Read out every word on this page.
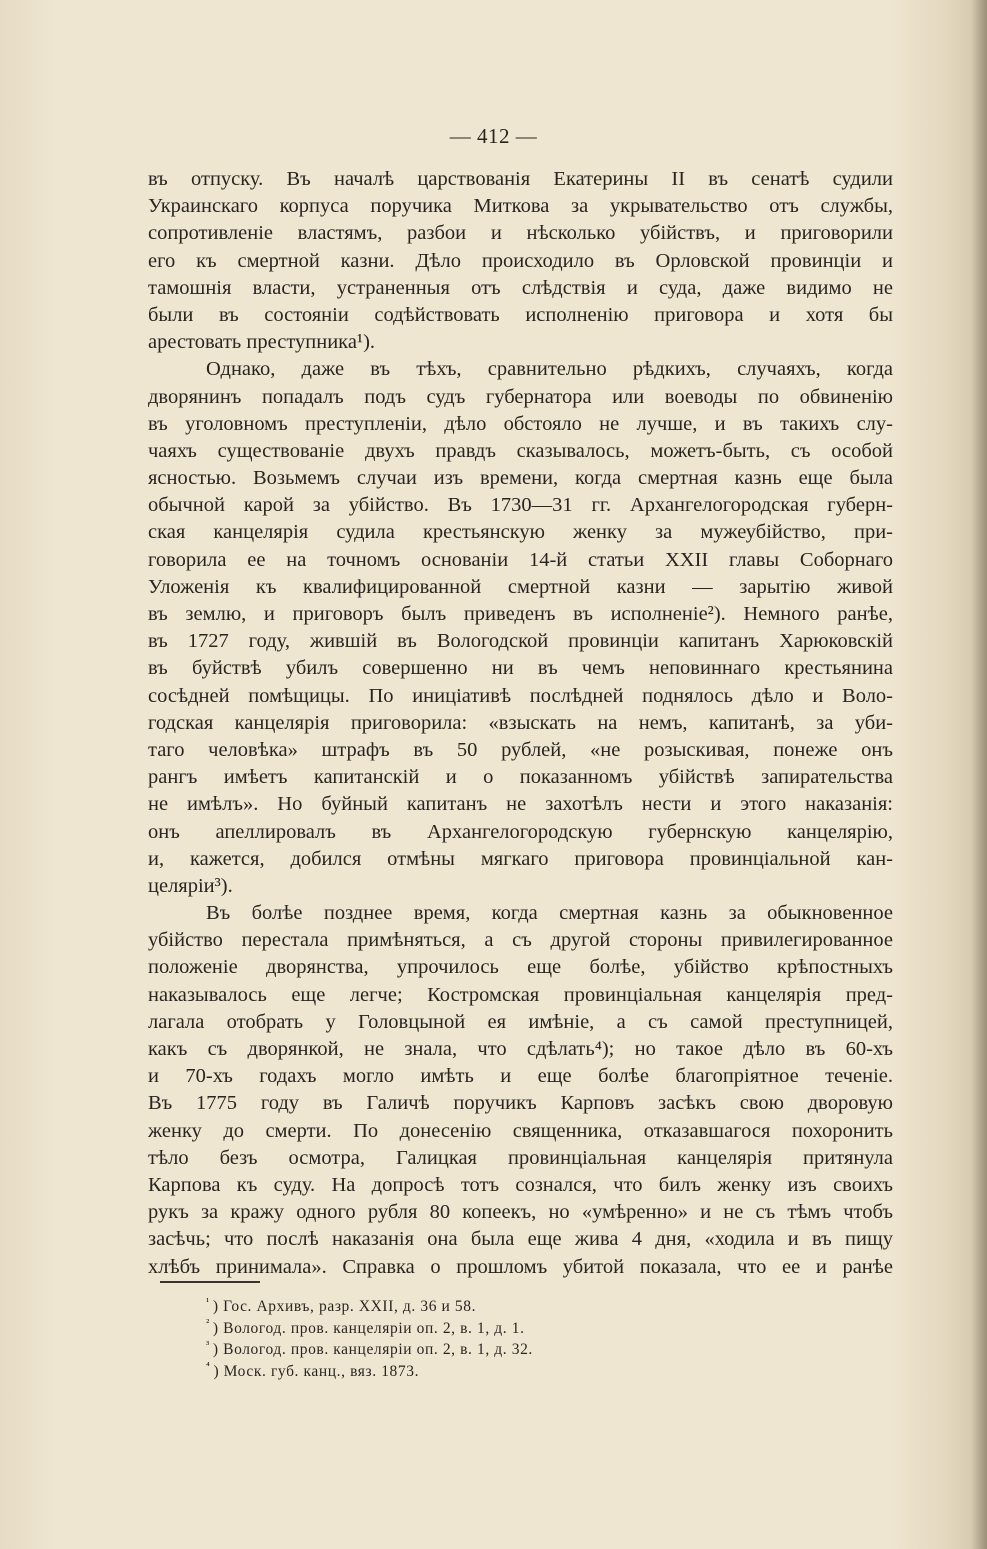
— 412 —
въ отпуску. Въ началѣ царствованія Екатерины II въ сенатѣ судили
Украинскаго корпуса поручика Миткова за укрывательство отъ службы,
сопротивленіе властямъ, разбои и нѣсколько убійствъ, и приговорили
его къ смертной казни. Дѣло происходило въ Орловской провинціи и
тамошнія власти, устраненныя отъ слѣдствія и суда, даже видимо не
были въ состояніи содѣйствовать исполненію приговора и хотя бы
арестовать преступника¹).
Однако, даже въ тѣхъ, сравнительно рѣдкихъ, случаяхъ, когда
дворянинъ попадалъ подъ судъ губернатора или воеводы по обвиненію
въ уголовномъ преступленіи, дѣло обстояло не лучше, и въ такихъ слу-
чаяхъ существованіе двухъ правдъ сказывалось, можетъ-быть, съ особой
ясностью. Возьмемъ случаи изъ времени, когда смертная казнь еще была
обычной карой за убійство. Въ 1730—31 гг. Архангелогородская губерн-
ская канцелярія судила крестьянскую женку за мужеубійство, при-
говорила ее на точномъ основаніи 14-й статьи XXII главы Соборнаго
Уложенія къ квалифицированной смертной казни — зарытію живой
въ землю, и приговоръ былъ приведенъ въ исполненіе²). Немного ранѣе,
въ 1727 году, жившій въ Вологодской провинціи капитанъ Харюковскій
въ буйствѣ убилъ совершенно ни въ чемъ неповиннаго крестьянина
сосѣдней помѣщицы. По иниціативѣ послѣдней поднялось дѣло и Воло-
годская канцелярія приговорила: «взыскать на немъ, капитанѣ, за уби-
таго человѣка» штрафъ въ 50 рублей, «не розыскивая, понеже онъ
рангъ имѣетъ капитанскій и о показанномъ убійствѣ запирательства
не имѣлъ». Но буйный капитанъ не захотѣлъ нести и этого наказанія:
онъ апеллировалъ въ Архангелогородскую губернскую канцелярію,
и, кажется, добился отмѣны мягкаго приговора провинціальной кан-
целяріи³).
Въ болѣе позднее время, когда смертная казнь за обыкновенное
убійство перестала примѣняться, а съ другой стороны привилегированное
положеніе дворянства, упрочилось еще болѣе, убійство крѣпостныхъ
наказывалось еще легче; Костромская провинціальная канцелярія пред-
лагала отобрать у Головцыной ея имѣніе, а съ самой преступницей,
какъ съ дворянкой, не знала, что сдѣлать⁴); но такое дѣло въ 60-хъ
и 70-хъ годахъ могло имѣть и еще болѣе благопріятное теченіе.
Въ 1775 году въ Галичѣ поручикъ Карповъ засѣкъ свою дворовую
женку до смерти. По донесенію священника, отказавшагося похоронить
тѣло безъ осмотра, Галицкая провинціальная канцелярія притянула
Карпова къ суду. На допросѣ тотъ сознался, что билъ женку изъ своихъ
рукъ за кражу одного рубля 80 копеекъ, но «умѣренно» и не съ тѣмъ чтобъ
засѣчь; что послѣ наказанія она была еще жива 4 дня, «ходила и въ пищу
хлѣбъ принимала». Справка о прошломъ убитой показала, что ее и ранѣе
$^{^1}$ ) Гос. Архивъ, разр. XXII, д. 36 и 58.
$^{^2}$ ) Вологод. пров. канцеляріи оп. 2, в. 1, д. 1.
$^{^3}$ ) Вологод. пров. канцеляріи оп. 2, в. 1, д. 32.
$^{^4}$ ) Моск. губ. канц., вяз. 1873.
